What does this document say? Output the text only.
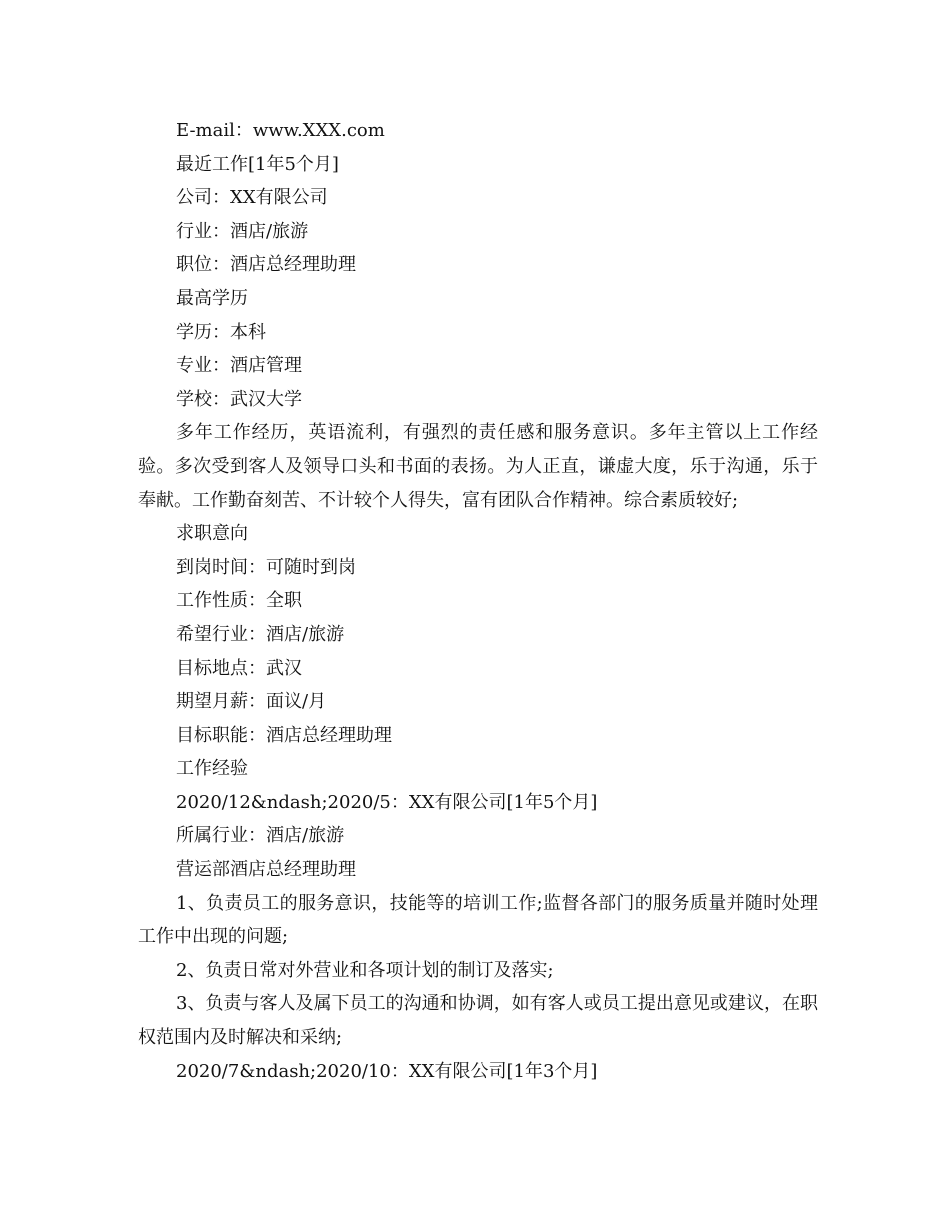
E-mail：www.XXX.com
最近工作[1年5个月]
公司：XX有限公司
行业：酒店/旅游
职位：酒店总经理助理
最高学历
学历：本科
专业：酒店管理
学校：武汉大学
多年工作经历，英语流利，有强烈的责任感和服务意识。多年主管以上工作经验。多次受到客人及领导口头和书面的表扬。为人正直，谦虚大度，乐于沟通，乐于奉献。工作勤奋刻苦、不计较个人得失，富有团队合作精神。综合素质较好;
求职意向
到岗时间：可随时到岗
工作性质：全职
希望行业：酒店/旅游
目标地点：武汉
期望月薪：面议/月
目标职能：酒店总经理助理
工作经验
2020/12&ndash;2020/5：XX有限公司[1年5个月]
所属行业：酒店/旅游
营运部酒店总经理助理
1、负责员工的服务意识，技能等的培训工作;监督各部门的服务质量并随时处理工作中出现的问题;
2、负责日常对外营业和各项计划的制订及落实;
3、负责与客人及属下员工的沟通和协调，如有客人或员工提出意见或建议，在职权范围内及时解决和采纳;
2020/7&ndash;2020/10：XX有限公司[1年3个月]
